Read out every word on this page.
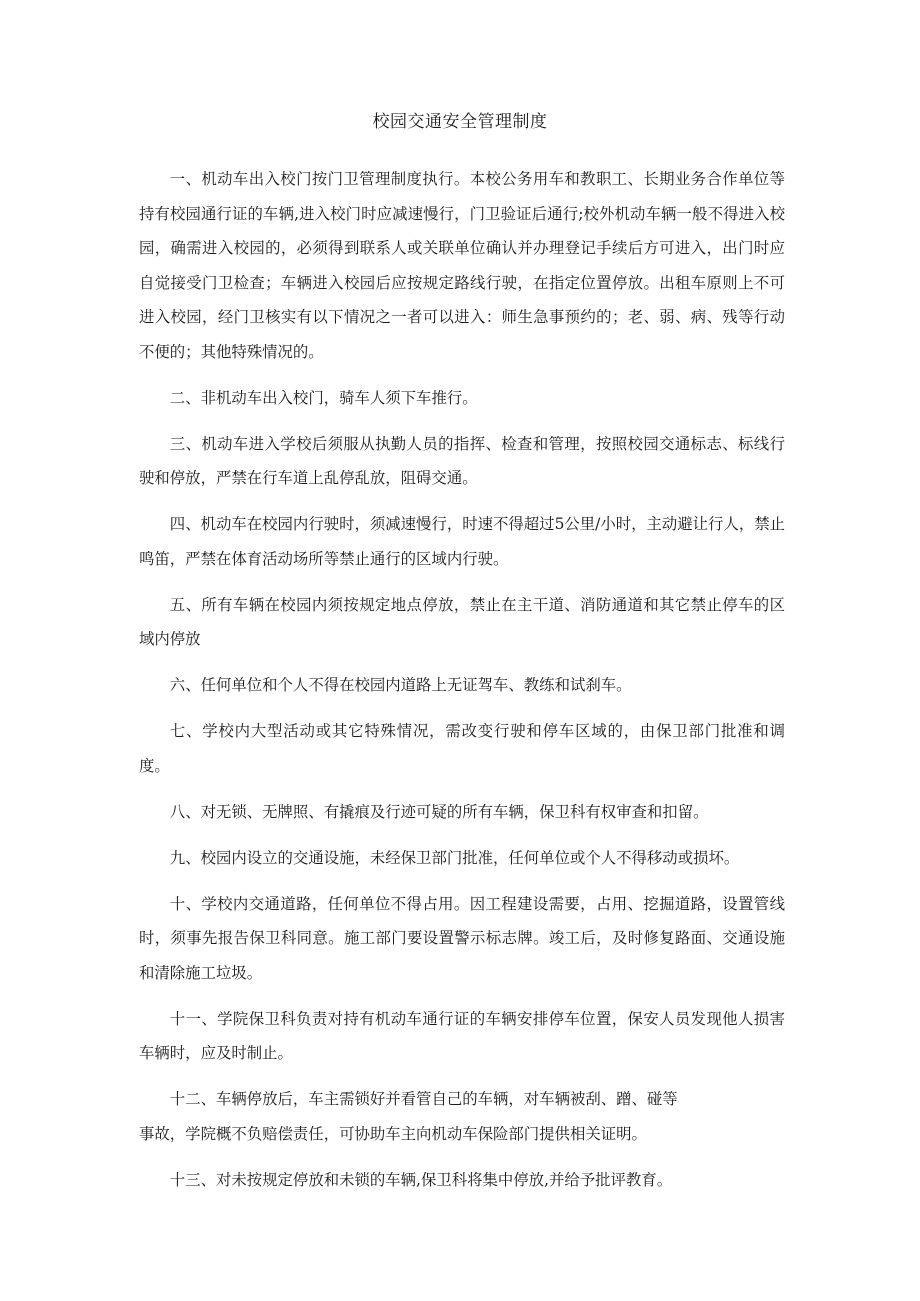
校园交通安全管理制度

一、机动车出入校门按门卫管理制度执行。本校公务用车和教职工、长期业务合作单位等持有校园通行证的车辆,进入校门时应减速慢行，门卫验证后通行;校外机动车辆一般不得进入校园，确需进入校园的，必须得到联系人或关联单位确认并办理登记手续后方可进入，出门时应自觉接受门卫检查；车辆进入校园后应按规定路线行驶，在指定位置停放。出租车原则上不可进入校园，经门卫核实有以下情况之一者可以进入：师生急事预约的；老、弱、病、残等行动不便的；其他特殊情况的。

二、非机动车出入校门，骑车人须下车推行。

三、机动车进入学校后须服从执勤人员的指挥、检查和管理，按照校园交通标志、标线行驶和停放，严禁在行车道上乱停乱放，阻碍交通。

四、机动车在校园内行驶时，须减速慢行，时速不得超过5公里/小时，主动避让行人，禁止鸣笛，严禁在体育活动场所等禁止通行的区域内行驶。

五、所有车辆在校园内须按规定地点停放，禁止在主干道、消防通道和其它禁止停车的区域内停放

六、任何单位和个人不得在校园内道路上无证驾车、教练和试刹车。

七、学校内大型活动或其它特殊情况，需改变行驶和停车区域的，由保卫部门批准和调度。

八、对无锁、无牌照、有撬痕及行迹可疑的所有车辆，保卫科有权审查和扣留。

九、校园内设立的交通设施，未经保卫部门批准，任何单位或个人不得移动或损坏。

十、学校内交通道路，任何单位不得占用。因工程建设需要，占用、挖掘道路，设置管线时，须事先报告保卫科同意。施工部门要设置警示标志牌。竣工后，及时修复路面、交通设施和清除施工垃圾。

十一、学院保卫科负责对持有机动车通行证的车辆安排停车位置，保安人员发现他人损害车辆时，应及时制止。

十二、车辆停放后，车主需锁好并看管自己的车辆，对车辆被刮、蹭、碰等
事故，学院概不负赔偿责任，可协助车主向机动车保险部门提供相关证明。

十三、对未按规定停放和未锁的车辆,保卫科将集中停放,并给予批评教育。
